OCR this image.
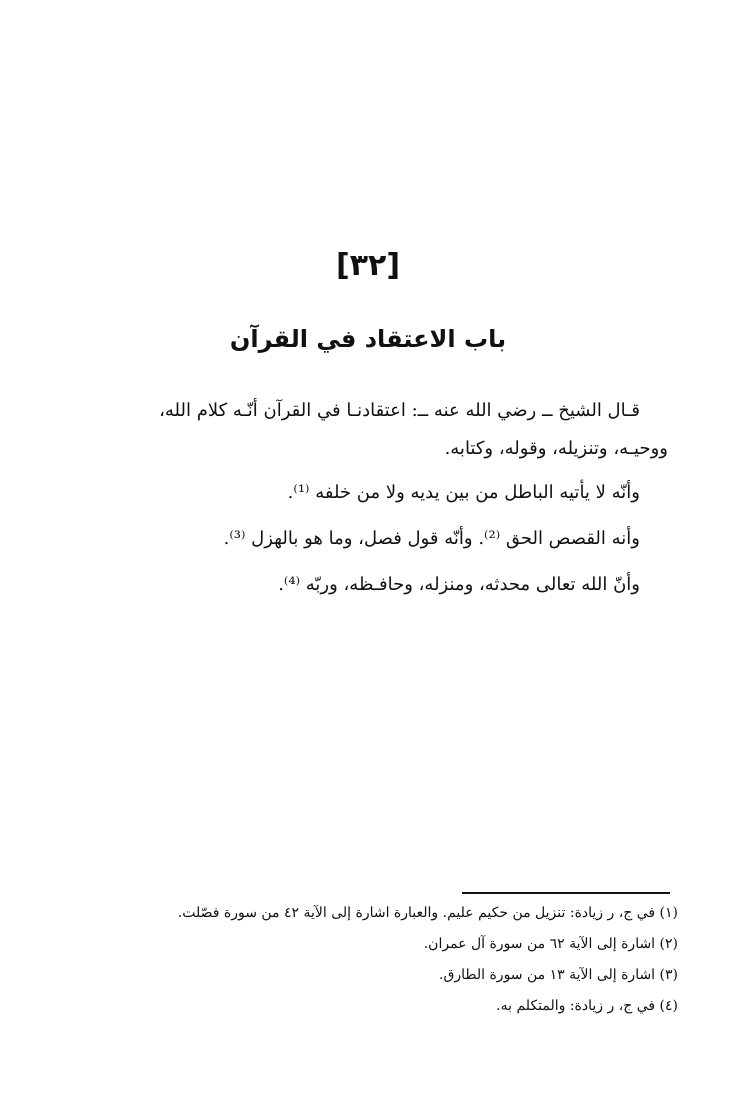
[٣٢]
باب الاعتقاد في القرآن

قـال الشيخ ــ رضي الله عنه ــ: اعتقادنـا في القرآن أنّـه كلام الله، ووحيـه، وتنزيله، وقوله، وكتابه.

وأنّه لا يأتيه الباطل من بين يديه ولا من خلفه ⁽¹⁾.

وأنه القصص الحق ⁽²⁾. وأنّه قول فصل، وما هو بالهزل ⁽³⁾.

وأنّ الله تعالى محدثه، ومنزله، وحافـظه، وربّه ⁽⁴⁾.

(١) في ج، ر زيادة: تنزيل من حكيم عليم. والعبارة اشارة إلى الآية ٤٢ من سورة فصّلت.

(٢) اشارة إلى الآية ٦٢ من سورة آل عمران.

(٣) اشارة إلى الآية ١٣ من سورة الطارق.

(٤) في ج، ر زيادة: والمتكلم به.
